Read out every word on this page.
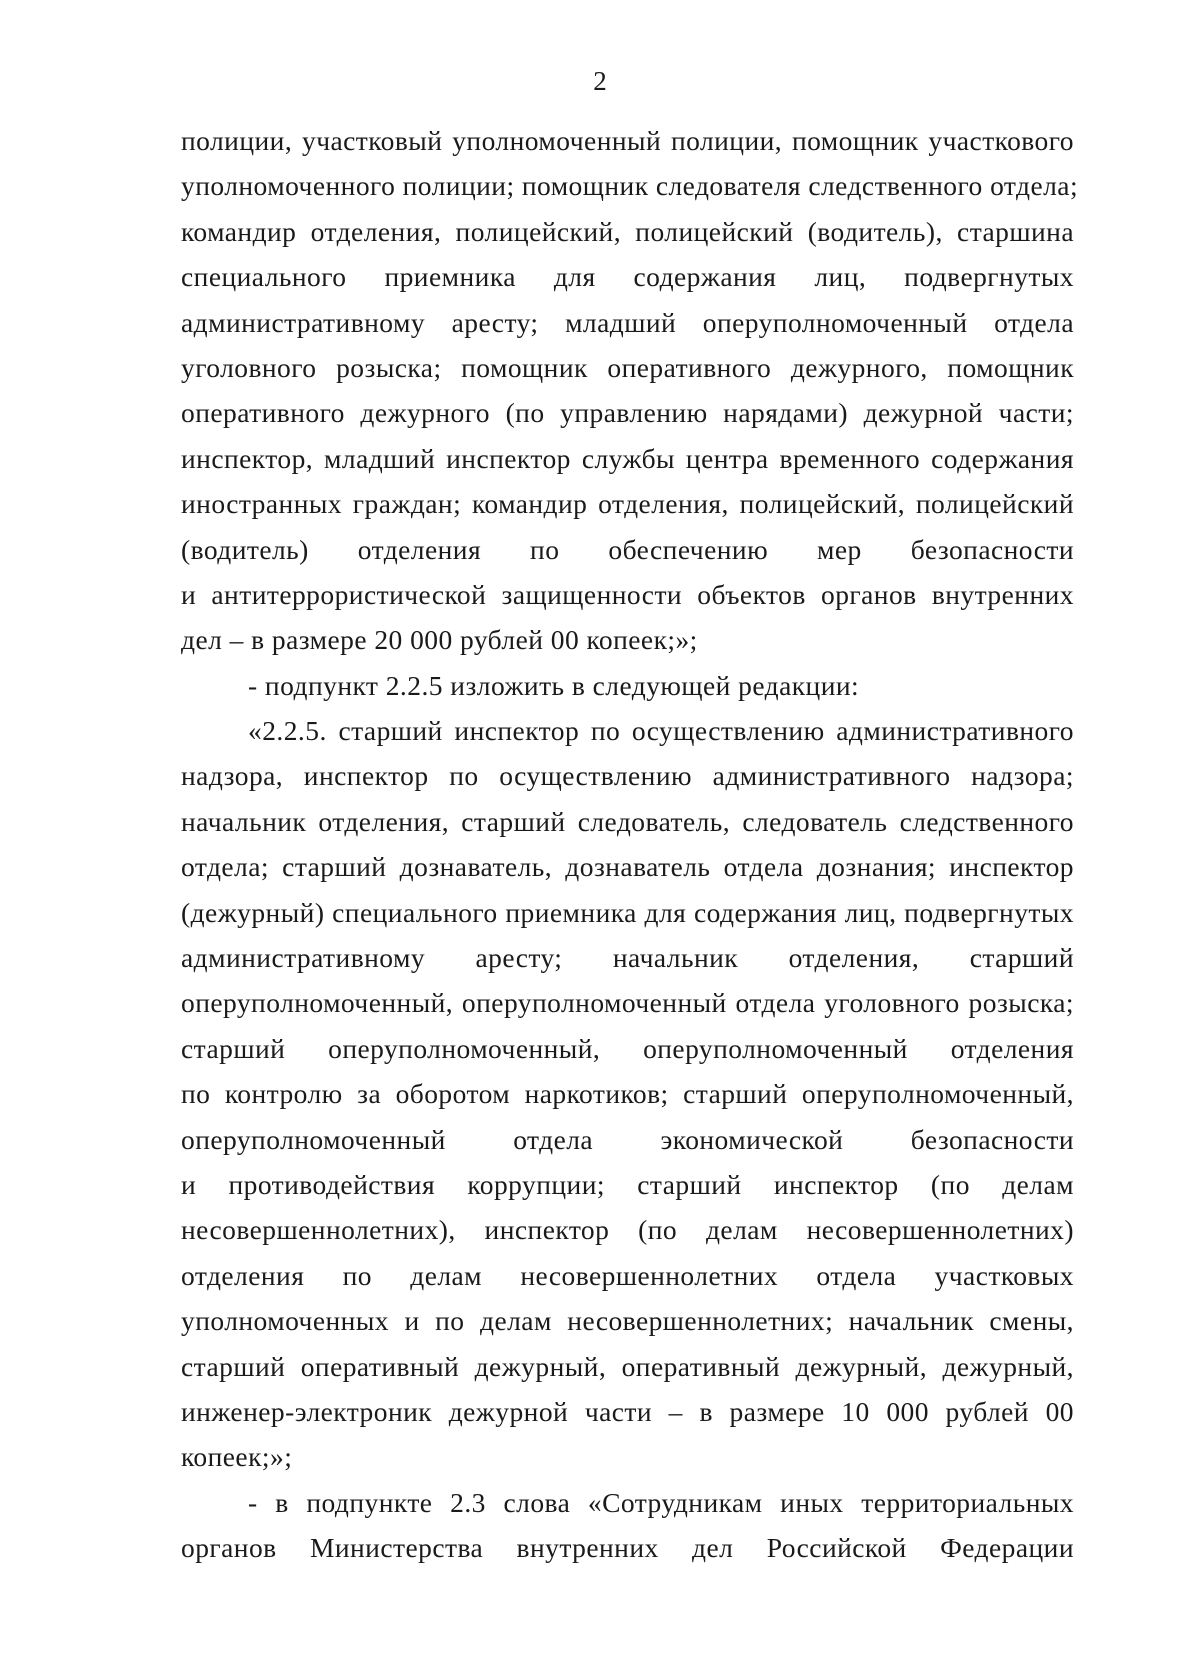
2
полиции, участковый уполномоченный полиции, помощник участкового
уполномоченного полиции; помощник следователя следственного отдела;
командир отделения, полицейский, полицейский (водитель), старшина
специального приемника для содержания лиц, подвергнутых
административному аресту; младший оперуполномоченный отдела
уголовного розыска; помощник оперативного дежурного, помощник
оперативного дежурного (по управлению нарядами) дежурной части;
инспектор, младший инспектор службы центра временного содержания
иностранных граждан; командир отделения, полицейский, полицейский
(водитель) отделения по обеспечению мер безопасности
и антитеррористической защищенности объектов органов внутренних
дел – в размере 20 000 рублей 00 копеек;»;
- подпункт 2.2.5 изложить в следующей редакции:
«2.2.5. старший инспектор по осуществлению административного
надзора, инспектор по осуществлению административного надзора;
начальник отделения, старший следователь, следователь следственного
отдела; старший дознаватель, дознаватель отдела дознания; инспектор
(дежурный) специального приемника для содержания лиц, подвергнутых
административному аресту; начальник отделения, старший
оперуполномоченный, оперуполномоченный отдела уголовного розыска;
старший оперуполномоченный, оперуполномоченный отделения
по контролю за оборотом наркотиков; старший оперуполномоченный,
оперуполномоченный отдела экономической безопасности
и противодействия коррупции; старший инспектор (по делам
несовершеннолетних), инспектор (по делам несовершеннолетних)
отделения по делам несовершеннолетних отдела участковых
уполномоченных и по делам несовершеннолетних; начальник смены,
старший оперативный дежурный, оперативный дежурный, дежурный,
инженер-электроник дежурной части – в размере 10 000 рублей 00
копеек;»;
- в подпункте 2.3 слова «Сотрудникам иных территориальных
органов Министерства внутренних дел Российской Федерации
